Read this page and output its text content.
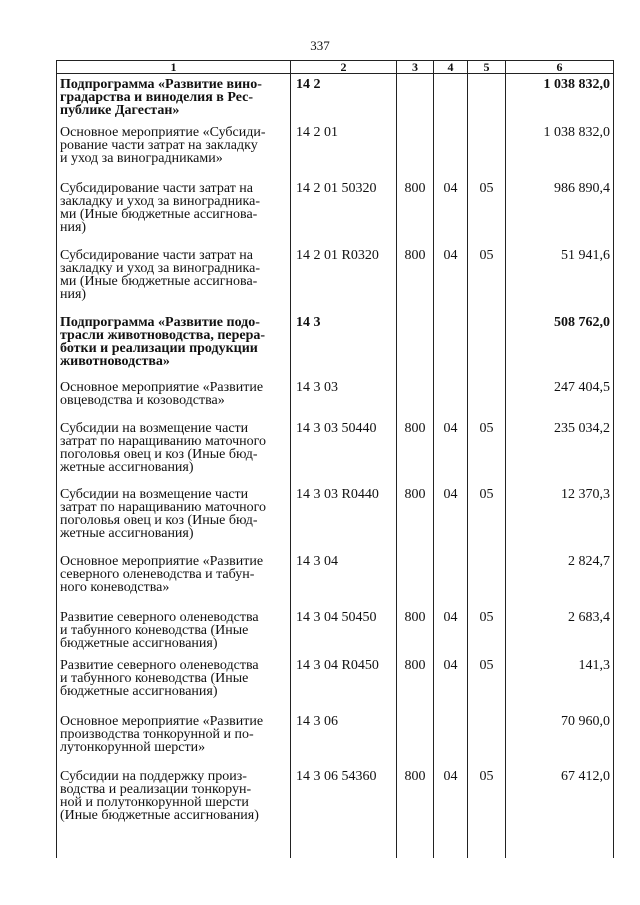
337
1	2	3	4	5	6
Подпрограмма «Развитие вино-
градарства и виноделия в Рес-
публике Дагестан»	14 2				1 038 832,0
Основное мероприятие «Субсиди-
рование части затрат на закладку
и уход за виноградниками»	14 2 01				1 038 832,0
Субсидирование части затрат на
закладку и уход за виноградника-
ми (Иные бюджетные ассигнова-
ния)	14 2 01 50320	800	04	05	986 890,4
Субсидирование части затрат на
закладку и уход за виноградника-
ми (Иные бюджетные ассигнова-
ния)	14 2 01 R0320	800	04	05	51 941,6
Подпрограмма «Развитие подо-
трасли животноводства, перера-
ботки и реализации продукции
животноводства»	14 3				508 762,0
Основное мероприятие «Развитие
овцеводства и козоводства»	14 3 03				247 404,5
Субсидии на возмещение части
затрат по наращиванию маточного
поголовья овец и коз (Иные бюд-
жетные ассигнования)	14 3 03 50440	800	04	05	235 034,2
Субсидии на возмещение части
затрат по наращиванию маточного
поголовья овец и коз (Иные бюд-
жетные ассигнования)	14 3 03 R0440	800	04	05	12 370,3
Основное мероприятие «Развитие
северного оленеводства и табун-
ного коневодства»	14 3 04				2 824,7
Развитие северного оленеводства
и табунного коневодства (Иные
бюджетные ассигнования)	14 3 04 50450	800	04	05	2 683,4
Развитие северного оленеводства
и табунного коневодства (Иные
бюджетные ассигнования)	14 3 04 R0450	800	04	05	141,3
Основное мероприятие «Развитие
производства тонкорунной и по-
лутонкорунной шерсти»	14 3 06				70 960,0
Субсидии на поддержку произ-
водства и реализации тонкорун-
ной и полутонкорунной шерсти
(Иные бюджетные ассигнования)	14 3 06 54360	800	04	05	67 412,0
